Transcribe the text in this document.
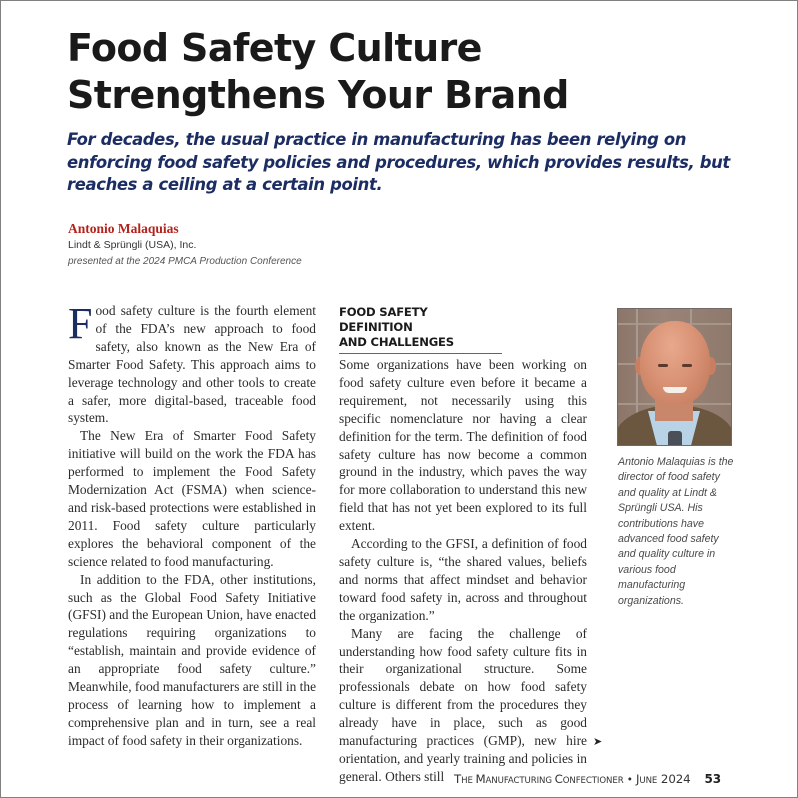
Food Safety Culture
Strengthens Your Brand

For decades, the usual practice in manufacturing has been relying on enforcing food safety policies and procedures, which provides results, but reaches a ceiling at a certain point.

Antonio Malaquias
Lindt & Sprüngli (USA), Inc.
presented at the 2024 PMCA Production Conference

Food safety culture is the fourth element of the FDA’s new approach to food safety, also known as the New Era of Smarter Food Safety. This approach aims to leverage technology and other tools to create a safer, more digital-based, traceable food system.

The New Era of Smarter Food Safety initiative will build on the work the FDA has performed to implement the Food Safety Modernization Act (FSMA) when science- and risk-based protections were established in 2011. Food safety culture particularly explores the behavioral component of the science related to food manufacturing.

In addition to the FDA, other institutions, such as the Global Food Safety Initiative (GFSI) and the European Union, have enacted regulations requiring organizations to “establish, maintain and provide evidence of an appropriate food safety culture.” Meanwhile, food manufacturers are still in the process of learning how to implement a comprehensive plan and in turn, see a real impact of food safety in their organizations.

FOOD SAFETY DEFINITION
AND CHALLENGES

Some organizations have been working on food safety culture even before it became a requirement, not necessarily using this specific nomenclature nor having a clear definition for the term. The definition of food safety culture has now become a common ground in the industry, which paves the way for more collaboration to understand this new field that has not yet been explored to its full extent.

According to the GFSI, a definition of food safety culture is, “the shared values, beliefs and norms that affect mindset and behavior toward food safety in, across and throughout the organization.”

Many are facing the challenge of understanding how food safety culture fits in their organizational structure. Some professionals debate on how food safety culture is different from the procedures they already have in place, such as good manufacturing practices (GMP), new hire orientation, and yearly training and policies in general. Others still

➤
Antonio Malaquias is the director of food safety and quality at Lindt & Sprüngli USA. His contributions have advanced food safety and quality culture in various food manufacturing organizations.
THE MANUFACTURING CONFECTIONER • JUNE 2024 53
